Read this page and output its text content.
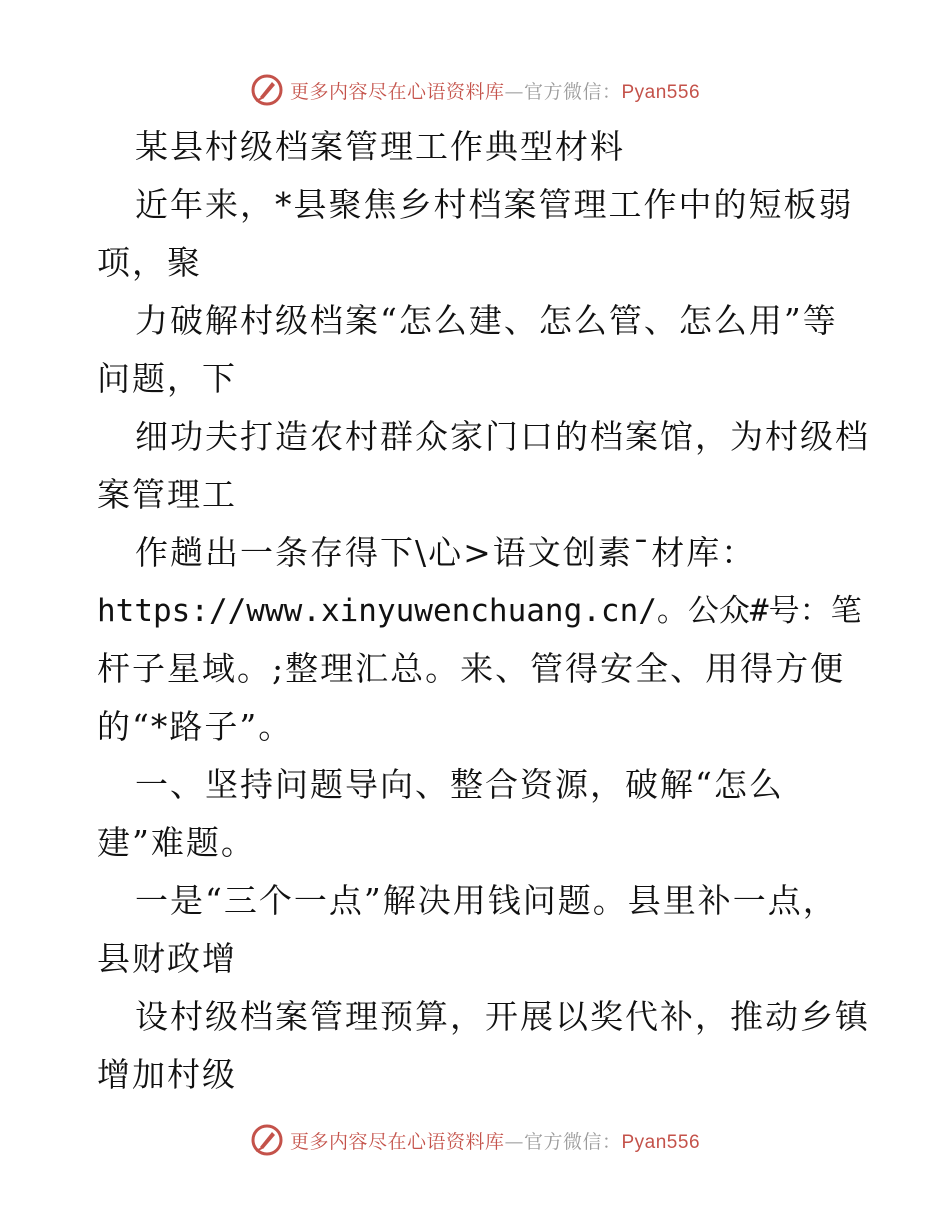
更多内容尽在心语资料库—官方微信：Pyan556
某县村级档案管理工作典型材料
近年来，*县聚焦乡村档案管理工作中的短板弱
项，聚
力破解村级档案“怎么建、怎么管、怎么用”等
问题，下
细功夫打造农村群众家门口的档案馆，为村级档
案管理工
作趟出一条存得下\心>语文创素¯材库：
https://www.xinyuwenchuang.cn/。公众#号：笔
杆子星域。;整理汇总。来、管得安全、用得方便
的“*路子”。
一、坚持问题导向、整合资源，破解“怎么
建”难题。
一是“三个一点”解决用钱问题。县里补一点，
县财政增
设村级档案管理预算，开展以奖代补，推动乡镇
增加村级
更多内容尽在心语资料库—官方微信：Pyan556
